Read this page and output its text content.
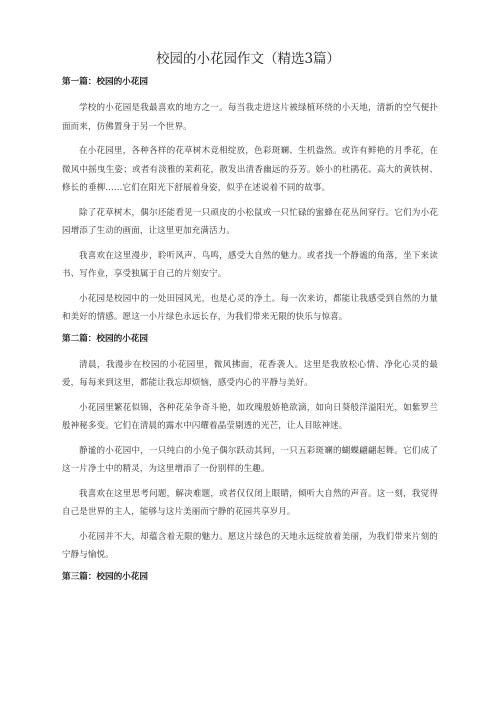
校园的小花园作文（精选3篇）
第一篇：校园的小花园

学校的小花园是我最喜欢的地方之一。每当我走进这片被绿植环绕的小天地，清新的空气便扑面而来，仿佛置身于另一个世界。

在小花园里，各种各样的花草树木竞相绽放，色彩斑斓、生机盎然。或许有鲜艳的月季花，在微风中摇曳生姿；或者有淡雅的茉莉花，散发出清香幽远的芬芳。娇小的杜鹃花、高大的黄铁树、修长的垂柳……它们在阳光下舒展着身姿，似乎在述说着不同的故事。

除了花草树木，偶尔还能看见一只顽皮的小松鼠或一只忙碌的蜜蜂在花丛间穿行。它们为小花园增添了生动的画面，让这里更加充满活力。

我喜欢在这里漫步，聆听风声、鸟鸣，感受大自然的魅力。或者找一个静谧的角落，坐下来读书、写作业，享受独属于自己的片刻安宁。

小花园是校园中的一处田园风光，也是心灵的净土。每一次来访，都能让我感受到自然的力量和美好的情感。愿这一小片绿色永远长存，为我们带来无限的快乐与惊喜。

第二篇：校园的小花园

清晨，我漫步在校园的小花园里，微风拂面，花香袭人。这里是我放松心情、净化心灵的最爱，每每来到这里，都能让我忘却烦恼，感受内心的平静与美好。

小花园里繁花似锦，各种花朵争奇斗艳，如玫瑰般娇艳欲滴，如向日葵般洋溢阳光，如紫罗兰般神秘多变。它们在清晨的露水中闪耀着晶莹剔透的光芒，让人目眩神迷。

静谧的小花园中，一只纯白的小兔子偶尔跃动其间，一只五彩斑斓的蝴蝶翩翩起舞。它们成了这一片净土中的精灵，为这里增添了一份别样的生趣。

我喜欢在这里思考问题，解决难题，或者仅仅闭上眼睛，倾听大自然的声音。这一刻，我觉得自己是世界的主人，能够与这片美丽而宁静的花园共享岁月。

小花园并不大，却蕴含着无限的魅力。愿这片绿色的天地永远绽放着美丽，为我们带来片刻的宁静与愉悦。

第三篇：校园的小花园
